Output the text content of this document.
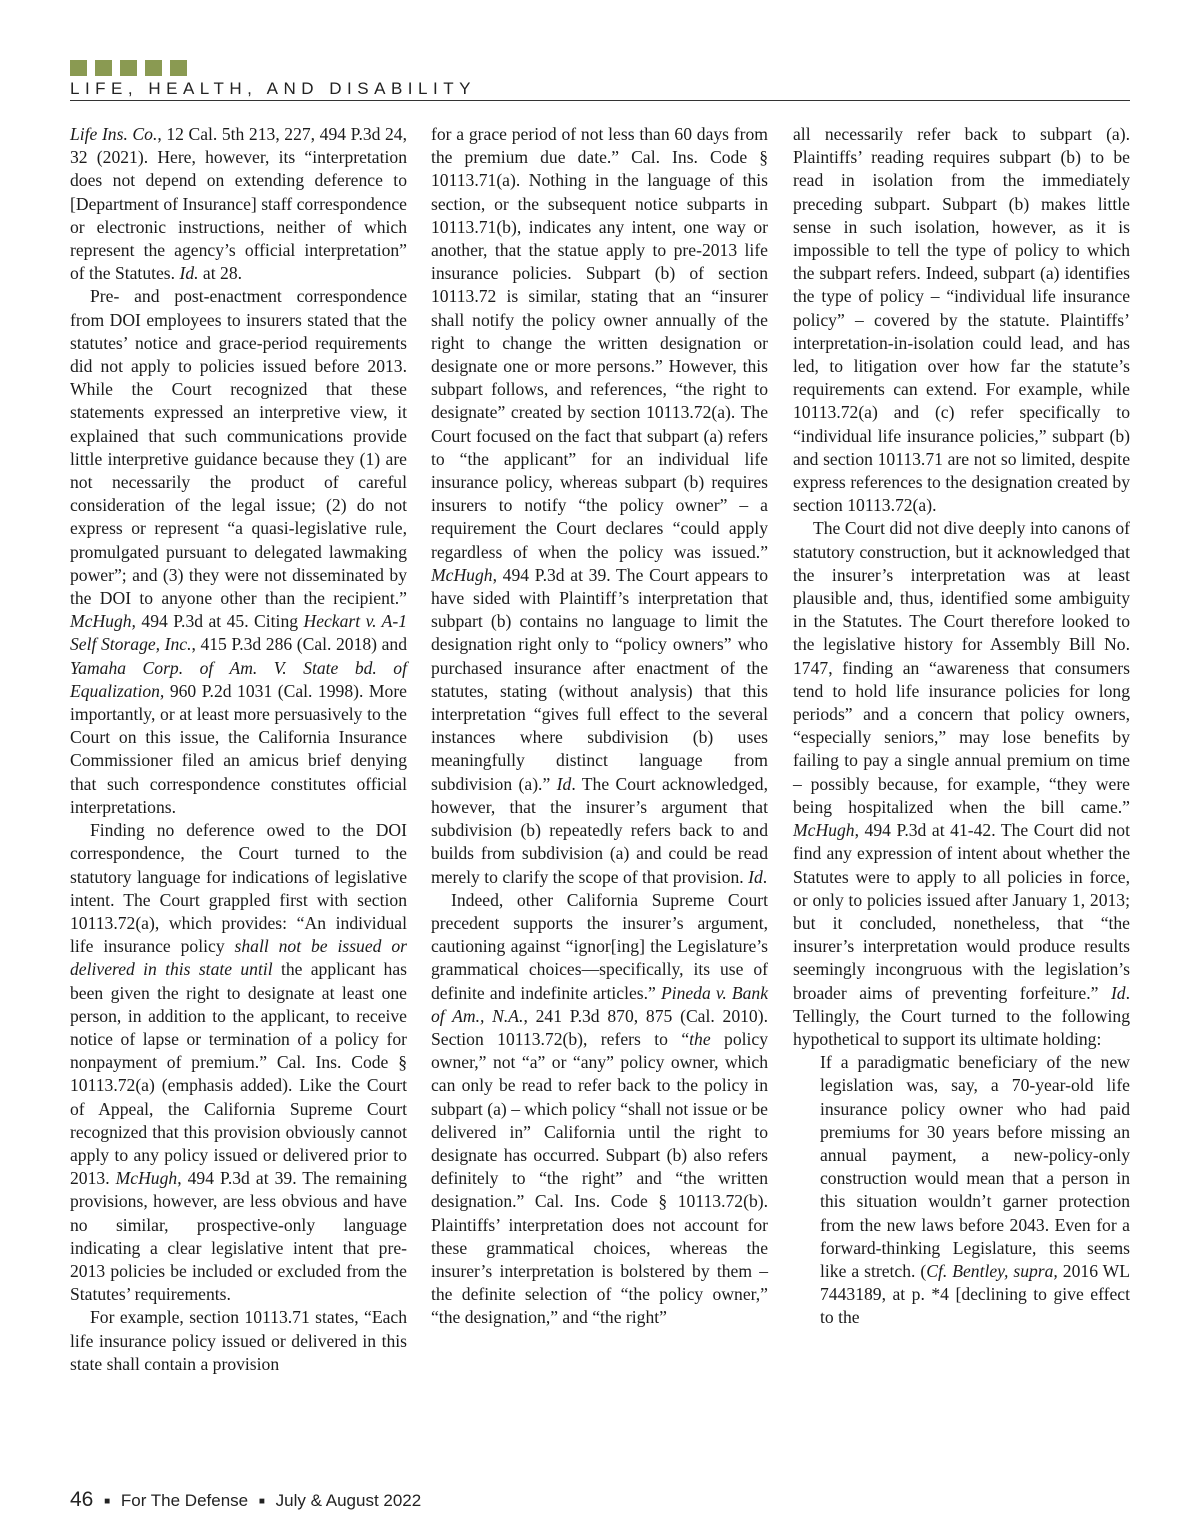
LIFE, HEALTH, AND DISABILITY

Life Ins. Co., 12 Cal. 5th 213, 227, 494 P.3d 24, 32 (2021). Here, however, its “interpretation does not depend on extending deference to [Department of Insurance] staff correspondence or electronic instructions, neither of which represent the agency’s official interpretation” of the Statutes. Id. at 28.

Pre- and post-enactment correspondence from DOI employees to insurers stated that the statutes’ notice and grace-period requirements did not apply to policies issued before 2013. While the Court recognized that these statements expressed an interpretive view, it explained that such communications provide little interpretive guidance because they (1) are not necessarily the product of careful consideration of the legal issue; (2) do not express or represent “a quasi-legislative rule, promulgated pursuant to delegated lawmaking power”; and (3) they were not disseminated by the DOI to anyone other than the recipient.” McHugh, 494 P.3d at 45. Citing Heckart v. A-1 Self Storage, Inc., 415 P.3d 286 (Cal. 2018) and Yamaha Corp. of Am. V. State bd. of Equalization, 960 P.2d 1031 (Cal. 1998). More importantly, or at least more persuasively to the Court on this issue, the California Insurance Commissioner filed an amicus brief denying that such correspondence constitutes official interpretations.

Finding no deference owed to the DOI correspondence, the Court turned to the statutory language for indications of legislative intent. The Court grappled first with section 10113.72(a), which provides: “An individual life insurance policy shall not be issued or delivered in this state until the applicant has been given the right to designate at least one person, in addition to the applicant, to receive notice of lapse or termination of a policy for nonpayment of premium.” Cal. Ins. Code § 10113.72(a) (emphasis added). Like the Court of Appeal, the California Supreme Court recognized that this provision obviously cannot apply to any policy issued or delivered prior to 2013. McHugh, 494 P.3d at 39. The remaining provisions, however, are less obvious and have no similar, prospective-only language indicating a clear legislative intent that pre-2013 policies be included or excluded from the Statutes’ requirements.

For example, section 10113.71 states, “Each life insurance policy issued or delivered in this state shall contain a provision

for a grace period of not less than 60 days from the premium due date.” Cal. Ins. Code § 10113.71(a). Nothing in the language of this section, or the subsequent notice subparts in 10113.71(b), indicates any intent, one way or another, that the statue apply to pre-2013 life insurance policies. Subpart (b) of section 10113.72 is similar, stating that an “insurer shall notify the policy owner annually of the right to change the written designation or designate one or more persons.” However, this subpart follows, and references, “the right to designate” created by section 10113.72(a). The Court focused on the fact that subpart (a) refers to “the applicant” for an individual life insurance policy, whereas subpart (b) requires insurers to notify “the policy owner” – a requirement the Court declares “could apply regardless of when the policy was issued.” McHugh, 494 P.3d at 39. The Court appears to have sided with Plaintiff’s interpretation that subpart (b) contains no language to limit the designation right only to “policy owners” who purchased insurance after enactment of the statutes, stating (without analysis) that this interpretation “gives full effect to the several instances where subdivision (b) uses meaningfully distinct language from subdivision (a).” Id. The Court acknowledged, however, that the insurer’s argument that subdivision (b) repeatedly refers back to and builds from subdivision (a) and could be read merely to clarify the scope of that provision. Id.

Indeed, other California Supreme Court precedent supports the insurer’s argument, cautioning against “ignor[ing] the Legislature’s grammatical choices—specifically, its use of definite and indefinite articles.” Pineda v. Bank of Am., N.A., 241 P.3d 870, 875 (Cal. 2010). Section 10113.72(b), refers to “the policy owner,” not “a” or “any” policy owner, which can only be read to refer back to the policy in subpart (a) – which policy “shall not issue or be delivered in” California until the right to designate has occurred. Subpart (b) also refers definitely to “the right” and “the written designation.” Cal. Ins. Code § 10113.72(b). Plaintiffs’ interpretation does not account for these grammatical choices, whereas the insurer’s interpretation is bolstered by them – the definite selection of “the policy owner,” “the designation,” and “the right”

all necessarily refer back to subpart (a). Plaintiffs’ reading requires subpart (b) to be read in isolation from the immediately preceding subpart. Subpart (b) makes little sense in such isolation, however, as it is impossible to tell the type of policy to which the subpart refers. Indeed, subpart (a) identifies the type of policy – “individual life insurance policy” – covered by the statute. Plaintiffs’ interpretation-in-isolation could lead, and has led, to litigation over how far the statute’s requirements can extend. For example, while 10113.72(a) and (c) refer specifically to “individual life insurance policies,” subpart (b) and section 10113.71 are not so limited, despite express references to the designation created by section 10113.72(a).

The Court did not dive deeply into canons of statutory construction, but it acknowledged that the insurer’s interpretation was at least plausible and, thus, identified some ambiguity in the Statutes. The Court therefore looked to the legislative history for Assembly Bill No. 1747, finding an “awareness that consumers tend to hold life insurance policies for long periods” and a concern that policy owners, “especially seniors,” may lose benefits by failing to pay a single annual premium on time – possibly because, for example, “they were being hospitalized when the bill came.” McHugh, 494 P.3d at 41-42. The Court did not find any expression of intent about whether the Statutes were to apply to all policies in force, or only to policies issued after January 1, 2013; but it concluded, nonetheless, that “the insurer’s interpretation would produce results seemingly incongruous with the legislation’s broader aims of preventing forfeiture.” Id. Tellingly, the Court turned to the following hypothetical to support its ultimate holding:

If a paradigmatic beneficiary of the new legislation was, say, a 70-year-old life insurance policy owner who had paid premiums for 30 years before missing an annual payment, a new-policy-only construction would mean that a person in this situation wouldn’t garner protection from the new laws before 2043. Even for a forward-thinking Legislature, this seems like a stretch. (Cf. Bentley, supra, 2016 WL 7443189, at p. *4 [declining to give effect to the

46 ■ For The Defense ■ July & August 2022
